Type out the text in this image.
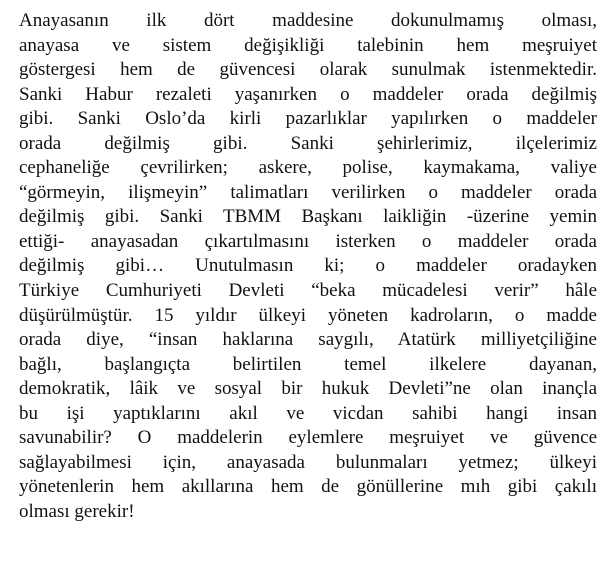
Anayasanın ilk dört maddesine dokunulmamış olması,
anayasa ve sistem değişikliği talebinin hem meşruiyet
göstergesi hem de güvencesi olarak sunulmak istenmektedir.
Sanki Habur rezaleti yaşanırken o maddeler orada değilmiş
gibi. Sanki Oslo’da kirli pazarlıklar yapılırken o maddeler
orada değilmiş gibi. Sanki şehirlerimiz, ilçelerimiz
cephaneliğe çevrilirken; askere, polise, kaymakama, valiye
“görmeyin, ilişmeyin” talimatları verilirken o maddeler orada
değilmiş gibi. Sanki TBMM Başkanı laikliğin -üzerine yemin
ettiği- anayasadan çıkartılmasını isterken o maddeler orada
değilmiş gibi… Unutulmasın ki; o maddeler oradayken
Türkiye Cumhuriyeti Devleti “beka mücadelesi verir” hâle
düşürülmüştür. 15 yıldır ülkeyi yöneten kadroların, o madde
orada diye, “insan haklarına saygılı, Atatürk milliyetçiliğine
bağlı, başlangıçta belirtilen temel ilkelere dayanan,
demokratik, lâik ve sosyal bir hukuk Devleti”ne olan inançla
bu işi yaptıklarını akıl ve vicdan sahibi hangi insan
savunabilir? O maddelerin eylemlere meşruiyet ve güvence
sağlayabilmesi için, anayasada bulunmaları yetmez; ülkeyi
yönetenlerin hem akıllarına hem de gönüllerine mıh gibi çakılı
olması gerekir!
